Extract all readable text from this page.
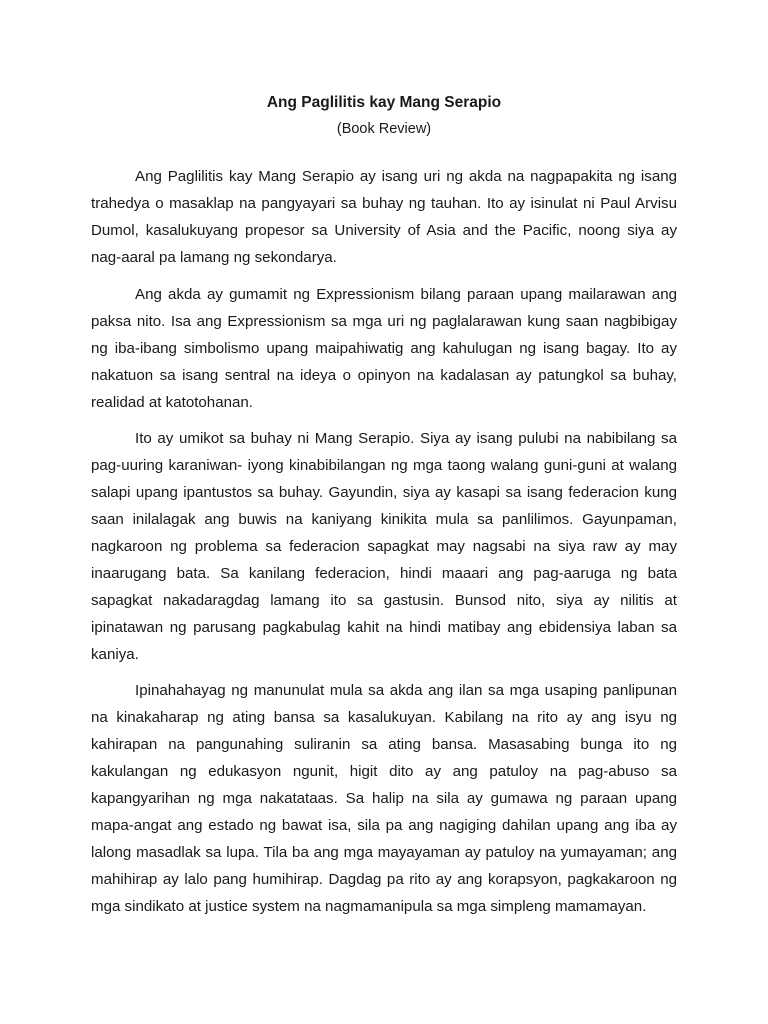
Ang Paglilitis kay Mang Serapio
(Book Review)

Ang Paglilitis kay Mang Serapio ay isang uri ng akda na nagpapakita ng isang trahedya o masaklap na pangyayari sa buhay ng tauhan. Ito ay isinulat ni Paul Arvisu Dumol, kasalukuyang propesor sa University of Asia and the Pacific, noong siya ay nag-aaral pa lamang ng sekondarya.

Ang akda ay gumamit ng Expressionism bilang paraan upang mailarawan ang paksa nito. Isa ang Expressionism sa mga uri ng paglalarawan kung saan nagbibigay ng iba-ibang simbolismo upang maipahiwatig ang kahulugan ng isang bagay. Ito ay nakatuon sa isang sentral na ideya o opinyon na kadalasan ay patungkol sa buhay, realidad at katotohanan.

Ito ay umikot sa buhay ni Mang Serapio. Siya ay isang pulubi na nabibilang sa pag-uuring karaniwan- iyong kinabibilangan ng mga taong walang guni-guni at walang salapi upang ipantustos sa buhay. Gayundin, siya ay kasapi sa isang federacion kung saan inilalagak ang buwis na kaniyang kinikita mula sa panlilimos. Gayunpaman, nagkaroon ng problema sa federacion sapagkat may nagsabi na siya raw ay may inaarugang bata. Sa kanilang federacion, hindi maaari ang pag-aaruga ng bata sapagkat nakadaragdag lamang ito sa gastusin. Bunsod nito, siya ay nilitis at ipinatawan ng parusang pagkabulag kahit na hindi matibay ang ebidensiya laban sa kaniya.

Ipinahahayag ng manunulat mula sa akda ang ilan sa mga usaping panlipunan na kinakaharap ng ating bansa sa kasalukuyan. Kabilang na rito ay ang isyu ng kahirapan na pangunahing suliranin sa ating bansa. Masasabing bunga ito ng kakulangan ng edukasyon ngunit, higit dito ay ang patuloy na pag-abuso sa kapangyarihan ng mga nakatataas. Sa halip na sila ay gumawa ng paraan upang mapa-angat ang estado ng bawat isa, sila pa ang nagiging dahilan upang ang iba ay lalong masadlak sa lupa. Tila ba ang mga mayayaman ay patuloy na yumayaman; ang mahihirap ay lalo pang humihirap. Dagdag pa rito ay ang korapsyon, pagkakaroon ng mga sindikato at justice system na nagmamanipula sa mga simpleng mamamayan.
